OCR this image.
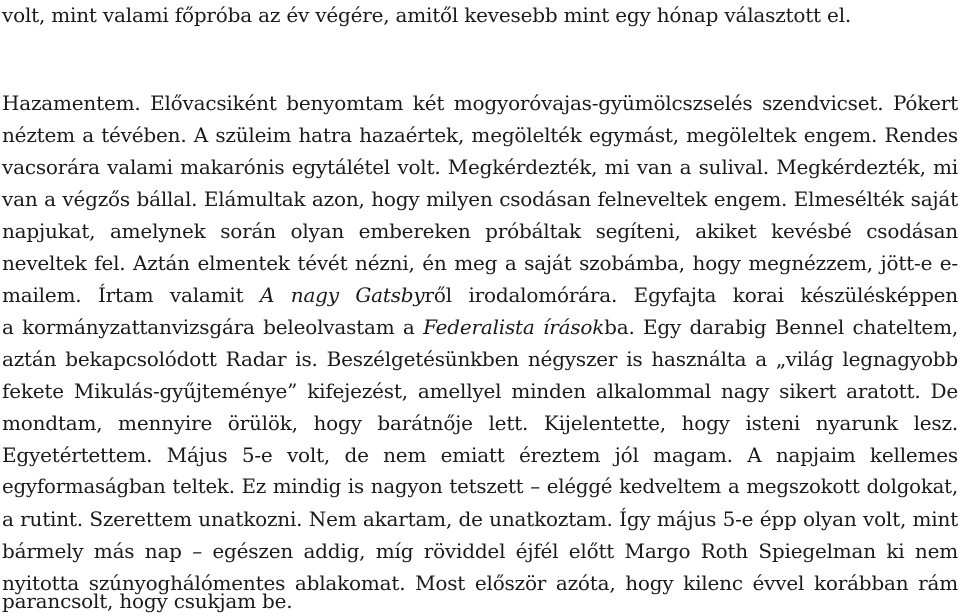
volt, mint valami főpróba az év végére, amitől kevesebb mint egy hónap választott el.
Hazamentem. Elővacsiként benyomtam két mogyoróvajas-gyümölcszselés szendvicset. Pókert
néztem a tévében. A szüleim hatra hazaértek, megölelték egymást, megöleltek engem. Rendes
vacsorára valami makarónis egytálétel volt. Megkérdezték, mi van a sulival. Megkérdezték, mi
van a végzős bállal. Elámultak azon, hogy milyen csodásan felneveltek engem. Elmesélték saját
napjukat, amelynek során olyan embereken próbáltak segíteni, akiket kevésbé csodásan
neveltek fel. Aztán elmentek tévét nézni, én meg a saját szobámba, hogy megnézzem, jött-e e-
mailem. Írtam valamit A nagy Gatsbyről irodalomórára. Egyfajta korai készülésképpen
a kormányzattanvizsgára beleolvastam a Federalista írásokba. Egy darabig Bennel chateltem,
aztán bekapcsolódott Radar is. Beszélgetésünkben négyszer is használta a „világ legnagyobb
fekete Mikulás-gyűjteménye” kifejezést, amellyel minden alkalommal nagy sikert aratott. De
mondtam, mennyire örülök, hogy barátnője lett. Kijelentette, hogy isteni nyarunk lesz.
Egyetértettem. Május 5-e volt, de nem emiatt éreztem jól magam. A napjaim kellemes
egyformaságban teltek. Ez mindig is nagyon tetszett – eléggé kedveltem a megszokott dolgokat,
a rutint. Szerettem unatkozni. Nem akartam, de unatkoztam. Így május 5-e épp olyan volt, mint
bármely más nap – egészen addig, míg röviddel éjfél előtt Margo Roth Spiegelman ki nem
nyitotta szúnyoghálómentes ablakomat. Most először azóta, hogy kilenc évvel korábban rám
parancsolt, hogy csukjam be.
